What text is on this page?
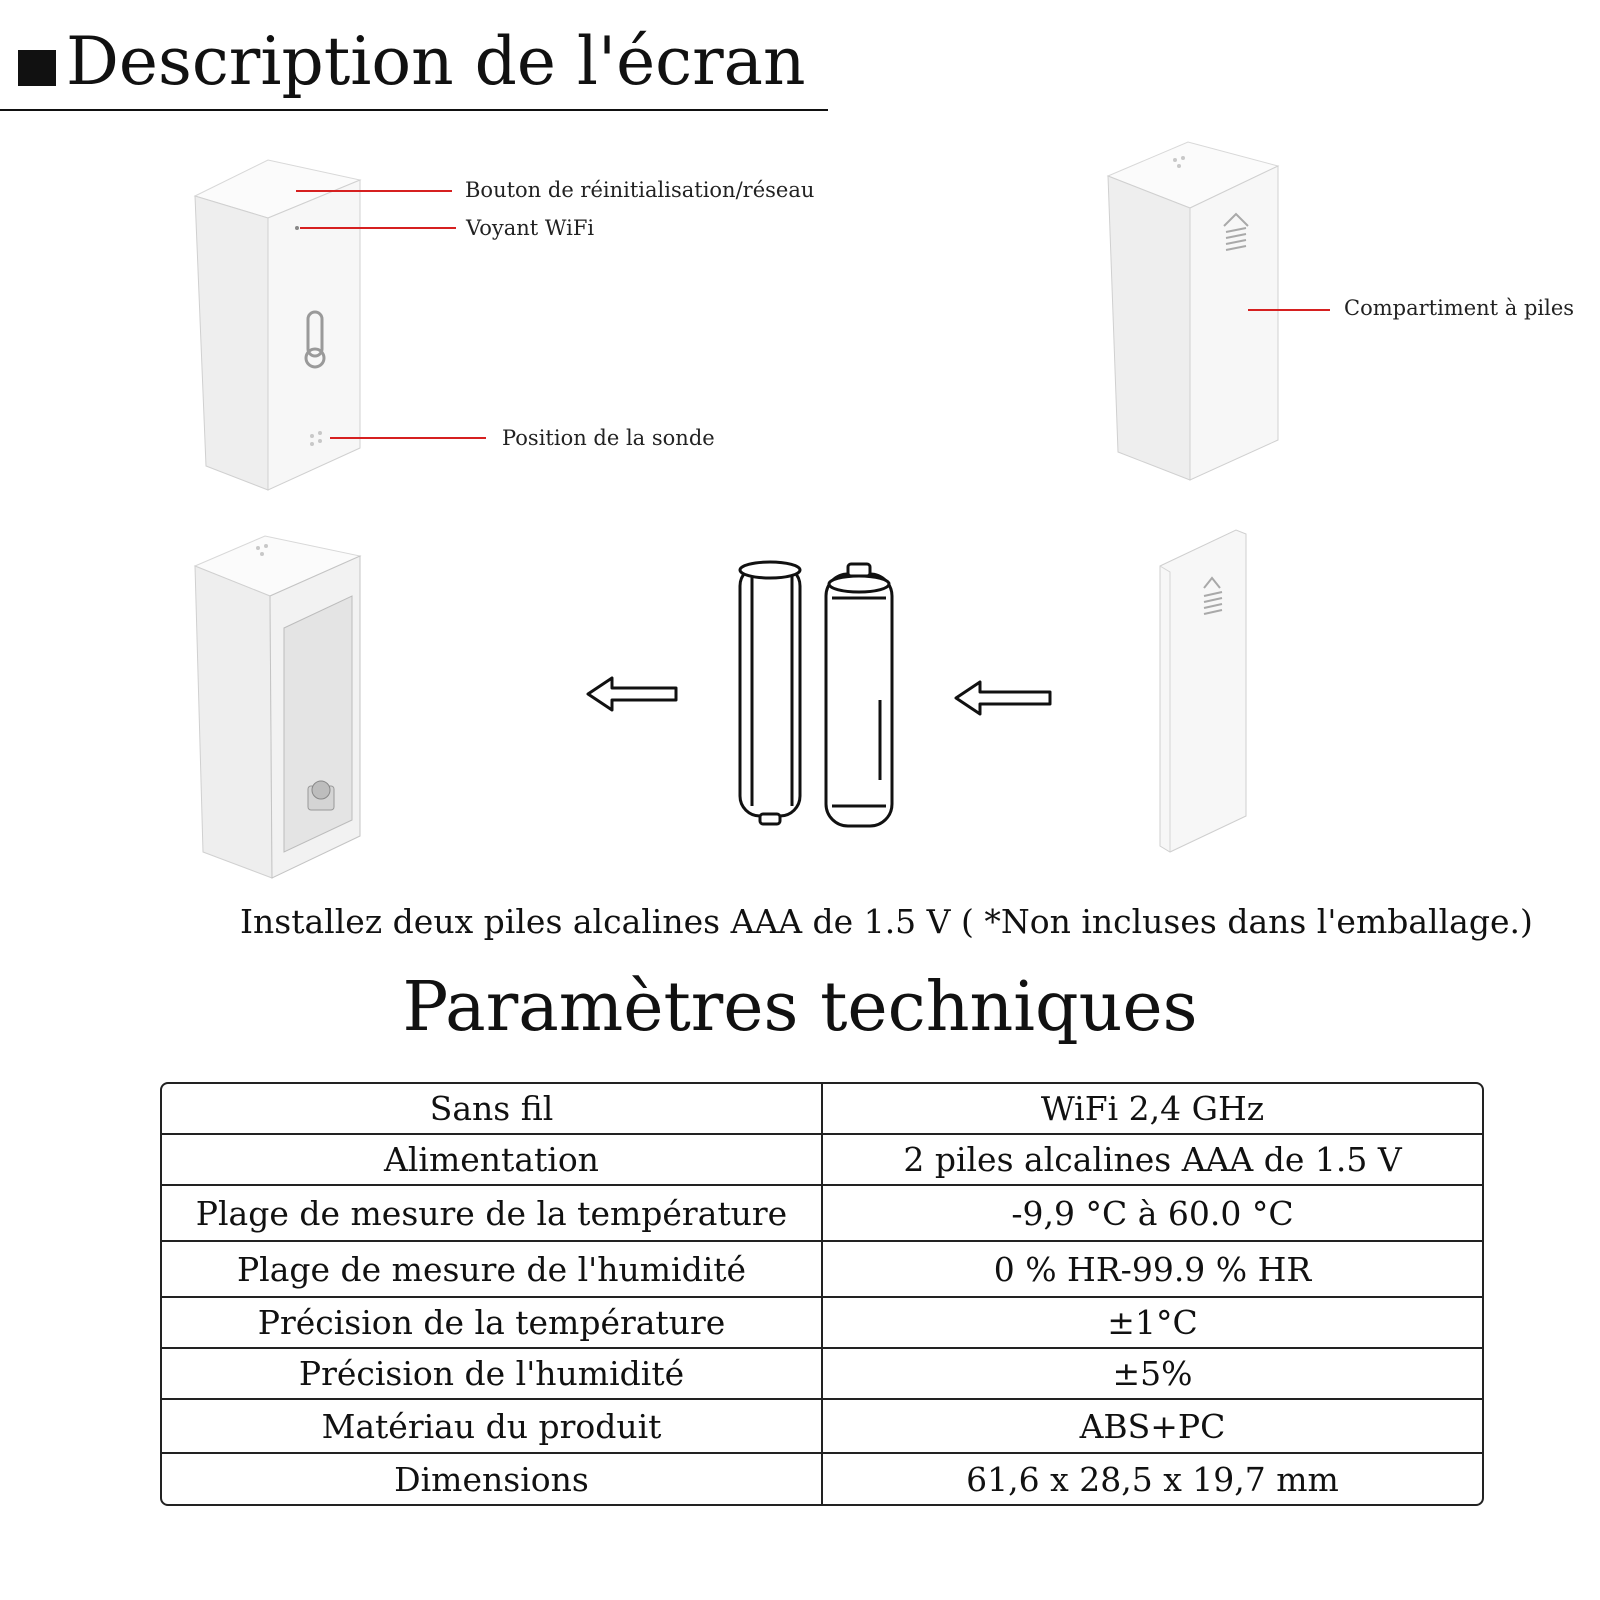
Description de l'écran
Bouton de réinitialisation/réseau
Voyant WiFi
Position de la sonde
Compartiment à piles
Installez deux piles alcalines AAA de 1.5 V ( *Non incluses dans l'emballage.)
Paramètres techniques
Sans fil	WiFi 2,4 GHz
Alimentation	2 piles alcalines AAA de 1.5 V
Plage de mesure de la température	-9,9 °C à 60.0 °C
Plage de mesure de l'humidité	0 % HR-99.9 % HR
Précision de la température	±1°C
Précision de l'humidité	±5%
Matériau du produit	ABS+PC
Dimensions	61,6 x 28,5 x 19,7 mm
